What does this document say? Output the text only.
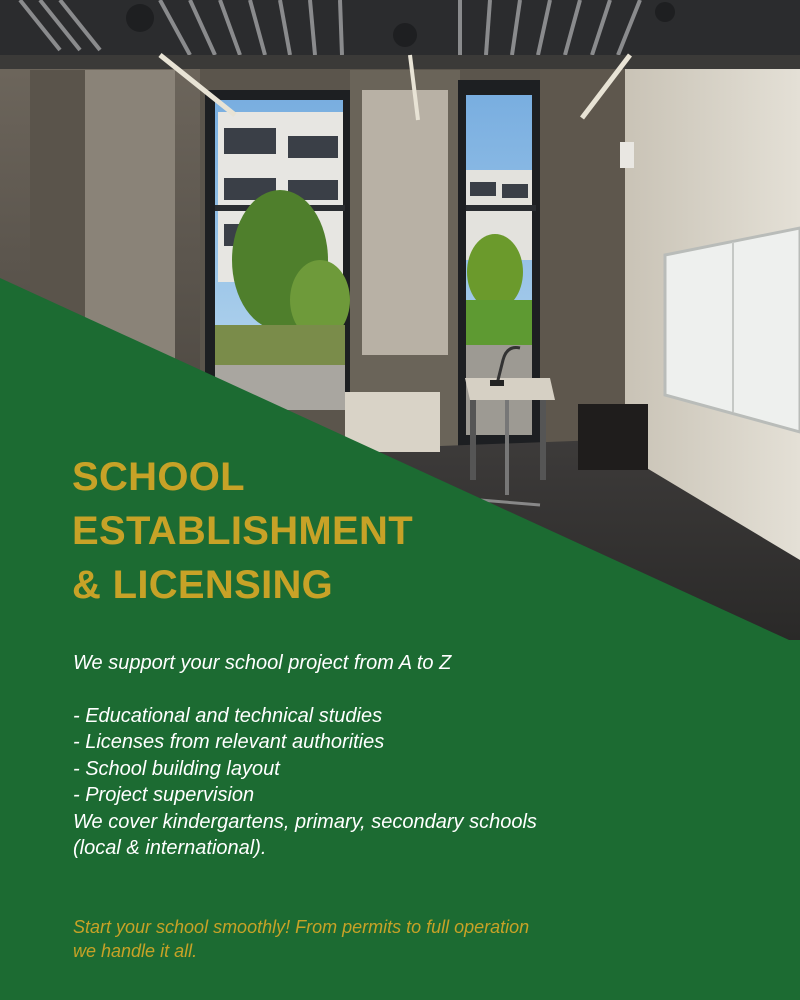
SCHOOL
ESTABLISHMENT
& LICENSING

We support your school project from A to Z

- Educational and technical studies
- Licenses from relevant authorities
- School building layout
- Project supervision

We cover kindergartens, primary, secondary schools
(local & international).

Start your school smoothly! From permits to full operation
we handle it all.
